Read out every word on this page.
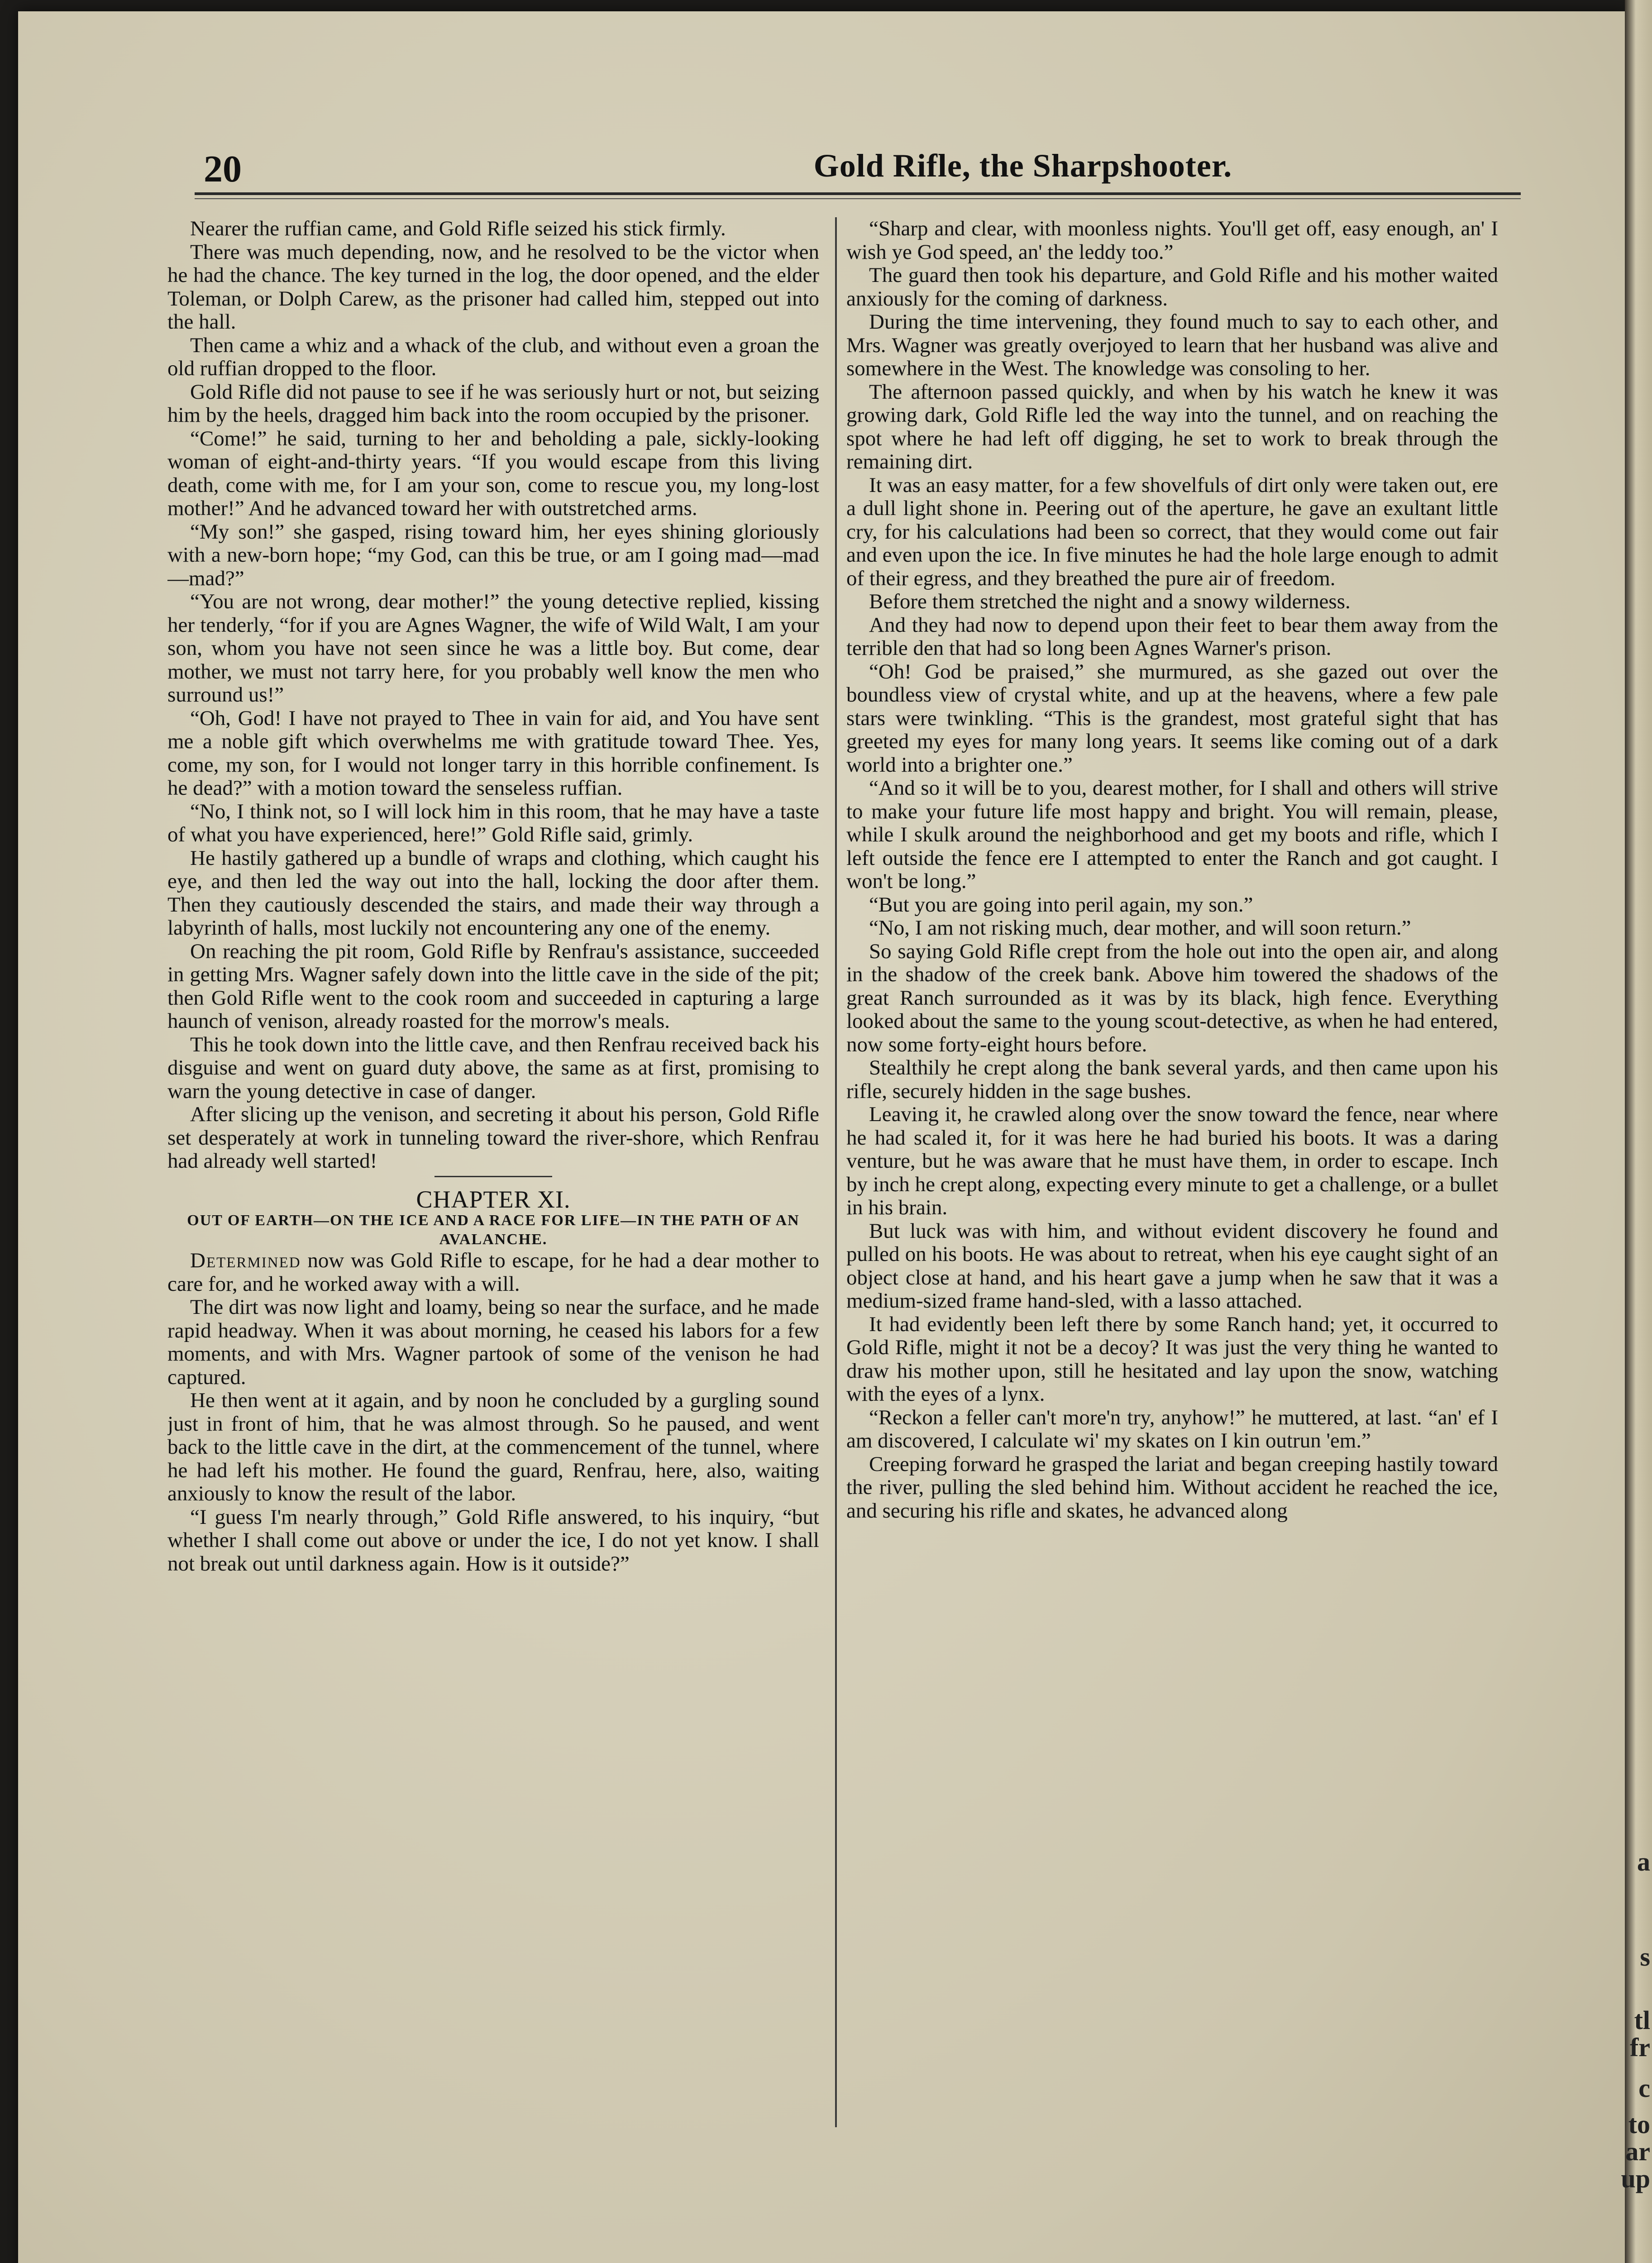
20	Gold Rifle, the Sharpshooter.

Nearer the ruffian came, and Gold Rifle seized his stick firmly.

There was much depending, now, and he resolved to be the victor when he had the chance. The key turned in the log, the door opened, and the elder Toleman, or Dolph Carew, as the prisoner had called him, stepped out into the hall.

Then came a whiz and a whack of the club, and without even a groan the old ruffian dropped to the floor.

Gold Rifle did not pause to see if he was seriously hurt or not, but seizing him by the heels, dragged him back into the room occupied by the prisoner.

“Come!” he said, turning to her and beholding a pale, sickly-looking woman of eight-and-thirty years. “If you would escape from this living death, come with me, for I am your son, come to rescue you, my long-lost mother!” And he advanced toward her with outstretched arms.

“My son!” she gasped, rising toward him, her eyes shining gloriously with a new-born hope; “my God, can this be true, or am I going mad—mad—mad?”

“You are not wrong, dear mother!” the young detective replied, kissing her tenderly, “for if you are Agnes Wagner, the wife of Wild Walt, I am your son, whom you have not seen since he was a little boy. But come, dear mother, we must not tarry here, for you probably well know the men who surround us!”

“Oh, God! I have not prayed to Thee in vain for aid, and You have sent me a noble gift which overwhelms me with gratitude toward Thee. Yes, come, my son, for I would not longer tarry in this horrible confinement. Is he dead?” with a motion toward the senseless ruffian.

“No, I think not, so I will lock him in this room, that he may have a taste of what you have experienced, here!” Gold Rifle said, grimly.

He hastily gathered up a bundle of wraps and clothing, which caught his eye, and then led the way out into the hall, locking the door after them. Then they cautiously descended the stairs, and made their way through a labyrinth of halls, most luckily not encountering any one of the enemy.

On reaching the pit room, Gold Rifle by Renfrau's assistance, succeeded in getting Mrs. Wagner safely down into the little cave in the side of the pit; then Gold Rifle went to the cook room and succeeded in capturing a large haunch of venison, already roasted for the morrow's meals.

This he took down into the little cave, and then Renfrau received back his disguise and went on guard duty above, the same as at first, promising to warn the young detective in case of danger.

After slicing up the venison, and secreting it about his person, Gold Rifle set desperately at work in tunneling toward the river-shore, which Renfrau had already well started!

CHAPTER XI.

OUT OF EARTH—ON THE ICE AND A RACE FOR LIFE—IN THE PATH OF AN AVALANCHE.

Determined now was Gold Rifle to escape, for he had a dear mother to care for, and he worked away with a will.

The dirt was now light and loamy, being so near the surface, and he made rapid headway. When it was about morning, he ceased his labors for a few moments, and with Mrs. Wagner partook of some of the venison he had captured.

He then went at it again, and by noon he concluded by a gurgling sound just in front of him, that he was almost through. So he paused, and went back to the little cave in the dirt, at the commencement of the tunnel, where he had left his mother. He found the guard, Renfrau, here, also, waiting anxiously to know the result of the labor.

“I guess I'm nearly through,” Gold Rifle answered, to his inquiry, “but whether I shall come out above or under the ice, I do not yet know. I shall not break out until darkness again. How is it outside?”

“Sharp and clear, with moonless nights. You'll get off, easy enough, an' I wish ye God speed, an' the leddy too.”

The guard then took his departure, and Gold Rifle and his mother waited anxiously for the coming of darkness.

During the time intervening, they found much to say to each other, and Mrs. Wagner was greatly overjoyed to learn that her husband was alive and somewhere in the West. The knowledge was consoling to her.

The afternoon passed quickly, and when by his watch he knew it was growing dark, Gold Rifle led the way into the tunnel, and on reaching the spot where he had left off digging, he set to work to break through the remaining dirt.

It was an easy matter, for a few shovelfuls of dirt only were taken out, ere a dull light shone in. Peering out of the aperture, he gave an exultant little cry, for his calculations had been so correct, that they would come out fair and even upon the ice. In five minutes he had the hole large enough to admit of their egress, and they breathed the pure air of freedom.

Before them stretched the night and a snowy wilderness.

And they had now to depend upon their feet to bear them away from the terrible den that had so long been Agnes Warner's prison.

“Oh! God be praised,” she murmured, as she gazed out over the boundless view of crystal white, and up at the heavens, where a few pale stars were twinkling. “This is the grandest, most grateful sight that has greeted my eyes for many long years. It seems like coming out of a dark world into a brighter one.”

“And so it will be to you, dearest mother, for I shall and others will strive to make your future life most happy and bright. You will remain, please, while I skulk around the neighborhood and get my boots and rifle, which I left outside the fence ere I attempted to enter the Ranch and got caught. I won't be long.”

“But you are going into peril again, my son.”

“No, I am not risking much, dear mother, and will soon return.”

So saying Gold Rifle crept from the hole out into the open air, and along in the shadow of the creek bank. Above him towered the shadows of the great Ranch surrounded as it was by its black, high fence. Everything looked about the same to the young scout-detective, as when he had entered, now some forty-eight hours before.

Stealthily he crept along the bank several yards, and then came upon his rifle, securely hidden in the sage bushes.

Leaving it, he crawled along over the snow toward the fence, near where he had scaled it, for it was here he had buried his boots. It was a daring venture, but he was aware that he must have them, in order to escape. Inch by inch he crept along, expecting every minute to get a challenge, or a bullet in his brain.

But luck was with him, and without evident discovery he found and pulled on his boots. He was about to retreat, when his eye caught sight of an object close at hand, and his heart gave a jump when he saw that it was a medium-sized frame hand-sled, with a lasso attached.

It had evidently been left there by some Ranch hand; yet, it occurred to Gold Rifle, might it not be a decoy? It was just the very thing he wanted to draw his mother upon, still he hesitated and lay upon the snow, watching with the eyes of a lynx.

“Reckon a feller can't more'n try, anyhow!” he muttered, at last. “an' ef I am discovered, I calculate wi' my skates on I kin outrun 'em.”

Creeping forward he grasped the lariat and began creeping hastily toward the river, pulling the sled behind him. Without accident he reached the ice, and securing his rifle and skates, he advanced along

a
s
tl
fr
c
to
ar
up
